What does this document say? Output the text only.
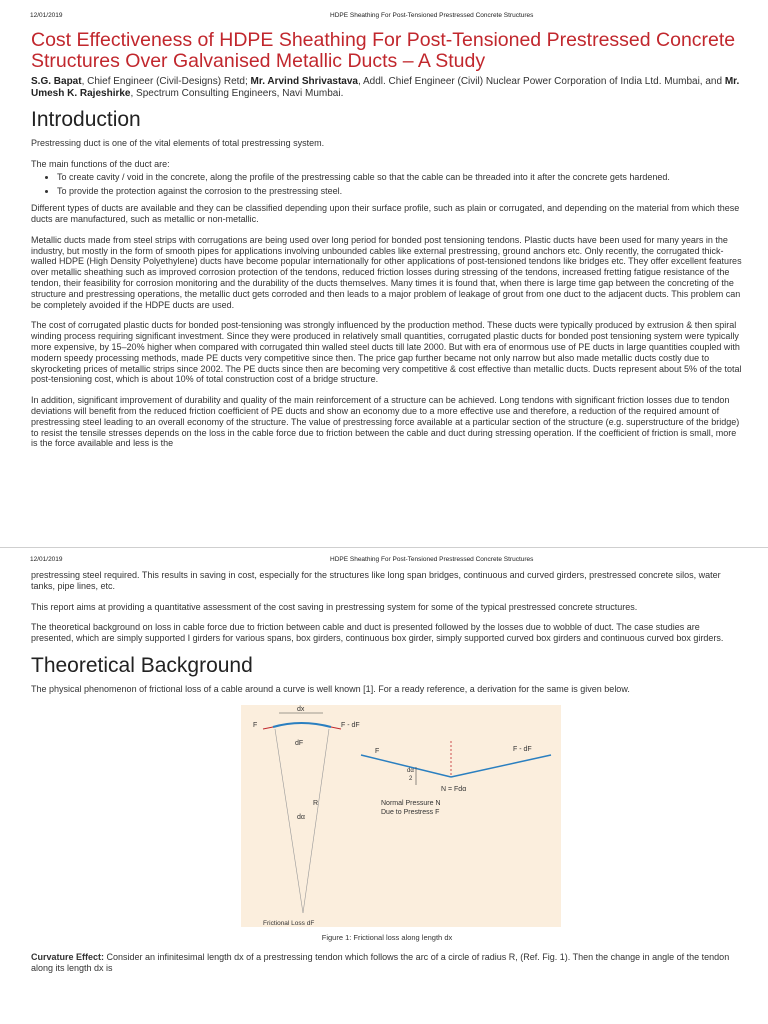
12/01/2019	HDPE Sheathing For Post-Tensioned Prestressed Concrete Structures
Cost Effectiveness of HDPE Sheathing For Post-Tensioned Prestressed Concrete Structures Over Galvanised Metallic Ducts – A Study

S.G. Bapat, Chief Engineer (Civil-Designs) Retd; Mr. Arvind Shrivastava, Addl. Chief Engineer (Civil) Nuclear Power Corporation of India Ltd. Mumbai, and Mr. Umesh K. Rajeshirke, Spectrum Consulting Engineers, Navi Mumbai.

Introduction

Prestressing duct is one of the vital elements of total prestressing system.

The main functions of the duct are:

• To create cavity / void in the concrete, along the profile of the prestressing cable so that the cable can be threaded into it after the concrete gets hardened.
• To provide the protection against the corrosion to the prestressing steel.

Different types of ducts are available and they can be classified depending upon their surface profile, such as plain or corrugated, and depending on the material from which these ducts are manufactured, such as metallic or non-metallic.

Metallic ducts made from steel strips with corrugations are being used over long period for bonded post tensioning tendons. Plastic ducts have been used for many years in the industry, but mostly in the form of smooth pipes for applications involving unbounded cables like external prestressing, ground anchors etc. Only recently, the corrugated thick-walled HDPE (High Density Polyethylene) ducts have become popular internationally for other applications of post-tensioned tendons like bridges etc. They offer excellent features over metallic sheathing such as improved corrosion protection of the tendons, reduced friction losses during stressing of the tendons, increased fretting fatigue resistance of the tendon, their feasibility for corrosion monitoring and the durability of the ducts themselves. Many times it is found that, when there is large time gap between the concreting of the structure and prestressing operations, the metallic duct gets corroded and then leads to a major problem of leakage of grout from one duct to the adjacent ducts. This problem can be completely avoided if the HDPE ducts are used.

The cost of corrugated plastic ducts for bonded post-tensioning was strongly influenced by the production method. These ducts were typically produced by extrusion & then spiral winding process requiring significant investment. Since they were produced in relatively small quantities, corrugated plastic ducts for bonded post tensioning system were typically more expensive, by 15–20% higher when compared with corrugated thin walled steel ducts till late 2000. But with era of enormous use of PE ducts in large quantities coupled with modern speedy processing methods, made PE ducts very competitive since then. The price gap further became not only narrow but also made metallic ducts costly due to skyrocketing prices of metallic strips since 2002. The PE ducts since then are becoming very competitive & cost effective than metallic ducts. Ducts represent about 5% of the total post-tensioning cost, which is about 10% of total construction cost of a bridge structure.

In addition, significant improvement of durability and quality of the main reinforcement of a structure can be achieved. Long tendons with significant friction losses due to tendon deviations will benefit from the reduced friction coefficient of PE ducts and show an economy due to a more effective use and therefore, a reduction of the required amount of prestressing steel leading to an overall economy of the structure. The value of prestressing force available at a particular section of the structure (e.g. superstructure of the bridge) to resist the tensile stresses depends on the loss in the cable force due to friction between the cable and duct during stressing operation. If the coefficient of friction is small, more is the force available and less is the

12/01/2019	HDPE Sheathing For Post-Tensioned Prestressed Concrete Structures

prestressing steel required. This results in saving in cost, especially for the structures like long span bridges, continuous and curved girders, prestressed concrete silos, water tanks, pipe lines, etc.

This report aims at providing a quantitative assessment of the cost saving in prestressing system for some of the typical prestressed concrete structures.

The theoretical background on loss in cable force due to friction between cable and duct is presented followed by the losses due to wobble of duct. The case studies are presented, which are simply supported I girders for various spans, box girders, continuous box girder, simply supported curved box girders and continuous curved box girders.

Theoretical Background

The physical phenomenon of frictional loss of a cable around a curve is well known [1]. For a ready reference, a derivation for the same is given below.

dx
F	F - dF
dF
R
dα
Frictional Loss dF
F	F - dF
dα
2
N = Fdα
Normal Pressure N
Due to Prestress F
Figure 1: Frictional loss along length dx

Curvature Effect: Consider an infinitesimal length dx of a prestressing tendon which follows the arc of a circle of radius R, (Ref. Fig. 1). Then the change in angle of the tendon along its length dx is
